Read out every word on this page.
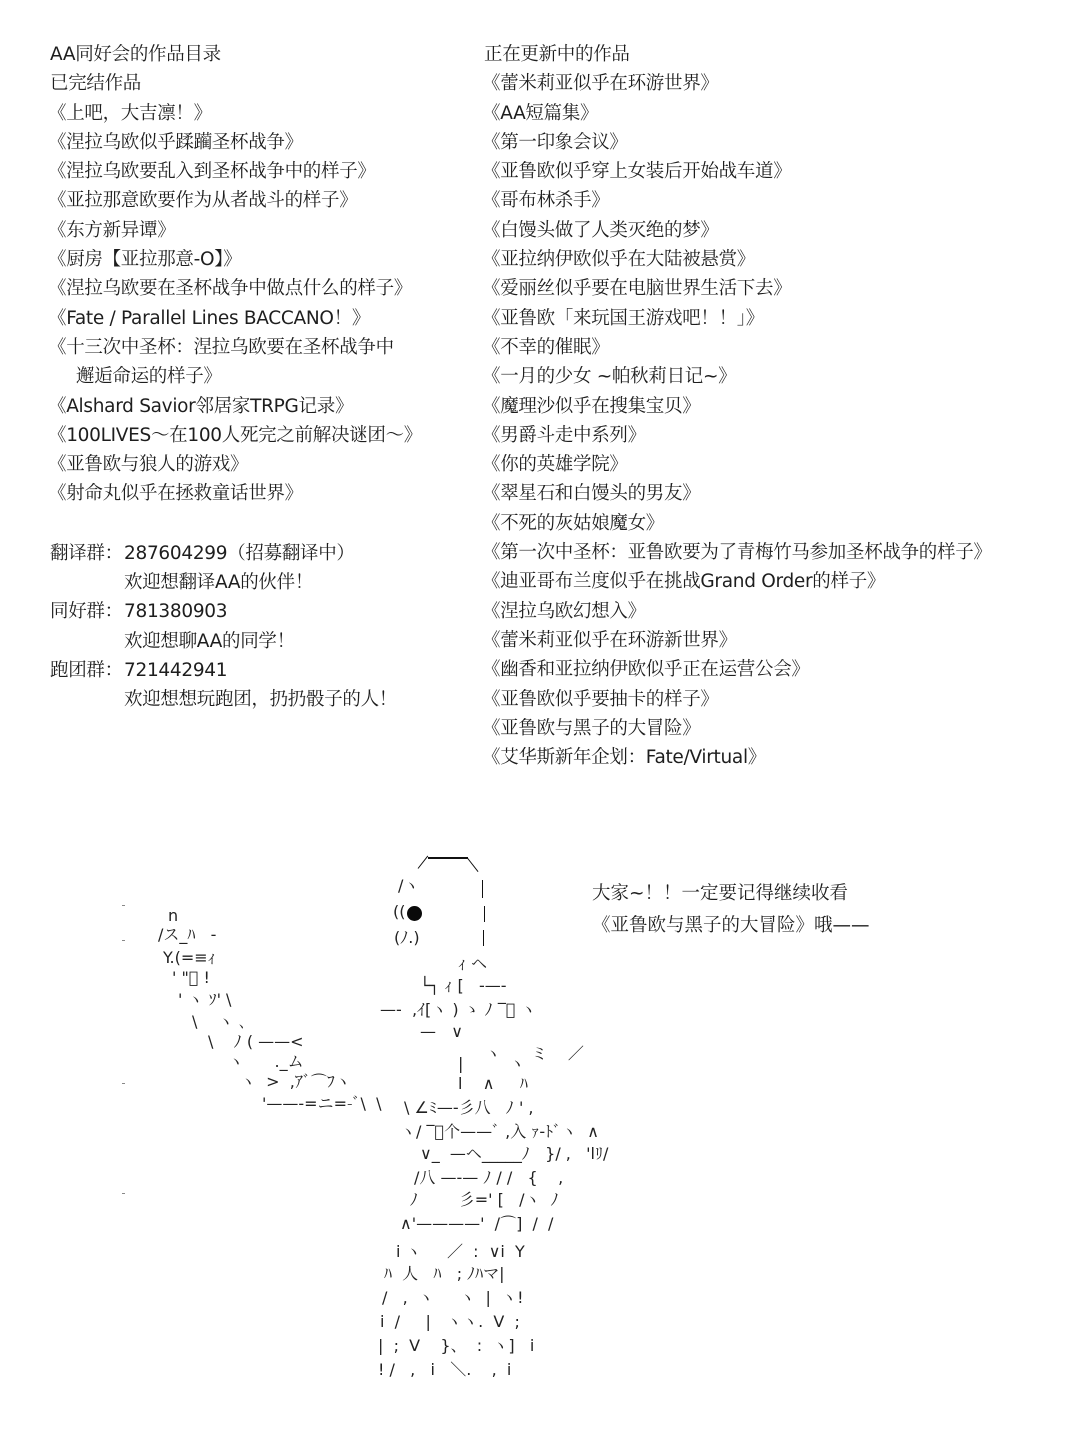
AA同好会的作品目录
已完结作品
《上吧，大吉凛！》
《涅拉乌欧似乎蹂躏圣杯战争》
《涅拉乌欧要乱入到圣杯战争中的样子》
《亚拉那意欧要作为从者战斗的样子》
《东方新异谭》
《厨房【亚拉那意-O】》
《涅拉乌欧要在圣杯战争中做点什么的样子》
《Fate / Parallel Lines BACCANO！》
《十三次中圣杯：涅拉乌欧要在圣杯战争中
邂逅命运的样子》
《Alshard Savior邻居家TRPG记录》
《100LIVES～在100人死完之前解决谜团～》
《亚鲁欧与狼人的游戏》
《射命丸似乎在拯救童话世界》
翻译群： 287604299（招募翻译中）
欢迎想翻译AA的伙伴！
同好群： 781380903
欢迎想聊AA的同学！
跑团群： 721442941
欢迎想想玩跑团，扔扔骰子的人！
正在更新中的作品
《蕾米莉亚似乎在环游世界》
《AA短篇集》
《第一印象会议》
《亚鲁欧似乎穿上女装后开始战车道》
《哥布林杀手》
《白馒头做了人类灭绝的梦》
《亚拉纳伊欧似乎在大陆被悬赏》
《爱丽丝似乎要在电脑世界生活下去》
《亚鲁欧「来玩国王游戏吧！！」》
《不幸的催眠》
《一月的少女 ~帕秋莉日记~》
《魔理沙似乎在搜集宝贝》
《男爵斗走中系列》
《你的英雄学院》
《翠星石和白馒头的男友》
《不死的灰姑娘魔女》
《第一次中圣杯：亚鲁欧要为了青梅竹马参加圣杯战争的样子》
《迪亚哥布兰度似乎在挑战Grand Order的样子》
《涅拉乌欧幻想入》
《蕾米莉亚似乎在环游新世界》
《幽香和亚拉纳伊欧似乎正在运营公会》
《亚鲁欧似乎要抽卡的样子》
《亚鲁欧与黑子的大冒险》
《艾华斯新年企划：Fate/Virtual》
n
/ス_ﾊ   -
Y.(=≡ｨ
' "ﾞ !
' ヽ ｿ' \
\    ヽ ､
\    ﾉ ( ——<
ヽ      ._ム
ヽ  >  ,ｱﾞ⌒ﾌヽ
'——-=ニ=-ﾞ\  \
/ヽ
((
(ﾉ.)
ｨ ヘ
└┐ ｨ [   ‐—-
—-  ,ｲ[ヽ ) ゝ ﾉ ‾ﾞ ヽ
—   ∨
ヽ      ミ    ／
|         ヽ
l    ∧     ﾊ
\ ∠ﾐ—-彡八   ﾉ ' ,
ヽ/ ‾ﾞ个——ﾞ ,入 ｧ-ﾄﾞヽ  ∧
∨_  —ヘ_____ﾉ   }/ ,   'lﾘ/
/八 —-— ﾉ / /   {    ,
ﾉ        彡=' [   /ヽ  ﾉ
∧'————'  /⌒]  /  /
i ヽ     ／  :  ∨i  Y
ﾊ  人   ﾊ   ; ﾉﾊマ|
/   ,  ヽ     ヽ  |  ヽ!
i  /     |   ヽヽ.  V  ;
|  ;  V    }、  :  ヽ]   i
! /   ,   i   ＼.    ,  i
大家~！！一定要记得继续收看
《亚鲁欧与黑子的大冒险》哦——
